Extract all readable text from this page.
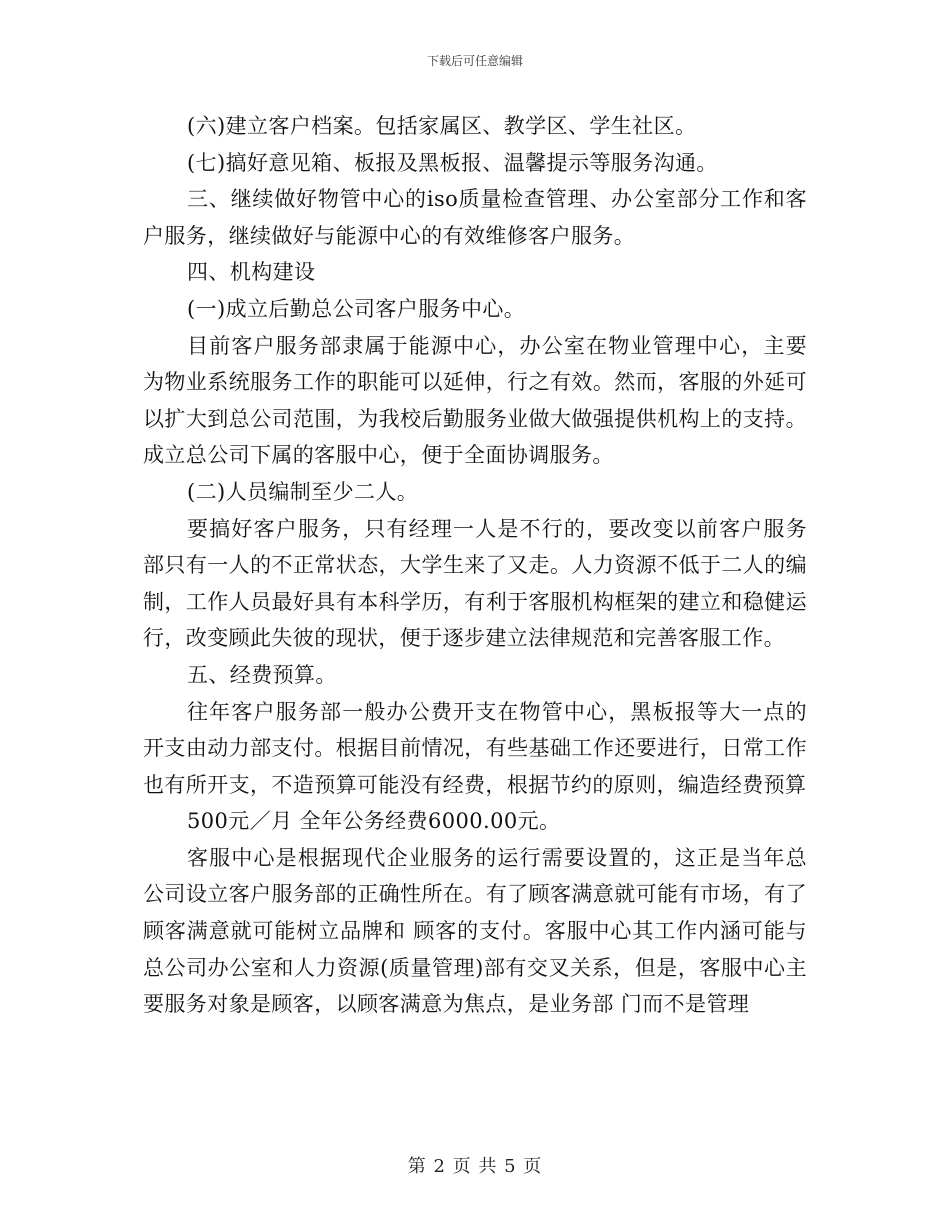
下载后可任意编辑

(六)建立客户档案。包括家属区、教学区、学生社区。

(七)搞好意见箱、板报及黑板报、温馨提示等服务沟通。

三、继续做好物管中心的iso质量检查管理、办公室部分工作和客户服务，继续做好与能源中心的有效维修客户服务。

四、机构建设

(一)成立后勤总公司客户服务中心。

目前客户服务部隶属于能源中心，办公室在物业管理中心，主要为物业系统服务工作的职能可以延伸，行之有效。然而，客服的外延可以扩大到总公司范围，为我校后勤服务业做大做强提供机构上的支持。成立总公司下属的客服中心，便于全面协调服务。

(二)人员编制至少二人。

要搞好客户服务，只有经理一人是不行的，要改变以前客户服务部只有一人的不正常状态，大学生来了又走。人力资源不低于二人的编制，工作人员最好具有本科学历，有利于客服机构框架的建立和稳健运行，改变顾此失彼的现状，便于逐步建立法律规范和完善客服工作。

五、经费预算。

往年客户服务部一般办公费开支在物管中心，黑板报等大一点的开支由动力部支付。根据目前情况，有些基础工作还要进行，日常工作也有所开支，不造预算可能没有经费，根据节约的原则，编造经费预算

500元／月 全年公务经费6000.00元。

客服中心是根据现代企业服务的运行需要设置的，这正是当年总公司设立客户服务部的正确性所在。有了顾客满意就可能有市场，有了顾客满意就可能树立品牌和 顾客的支付。客服中心其工作内涵可能与总公司办公室和人力资源(质量管理)部有交叉关系，但是，客服中心主要服务对象是顾客，以顾客满意为焦点，是业务部 门而不是管理

第 2 页 共 5 页
